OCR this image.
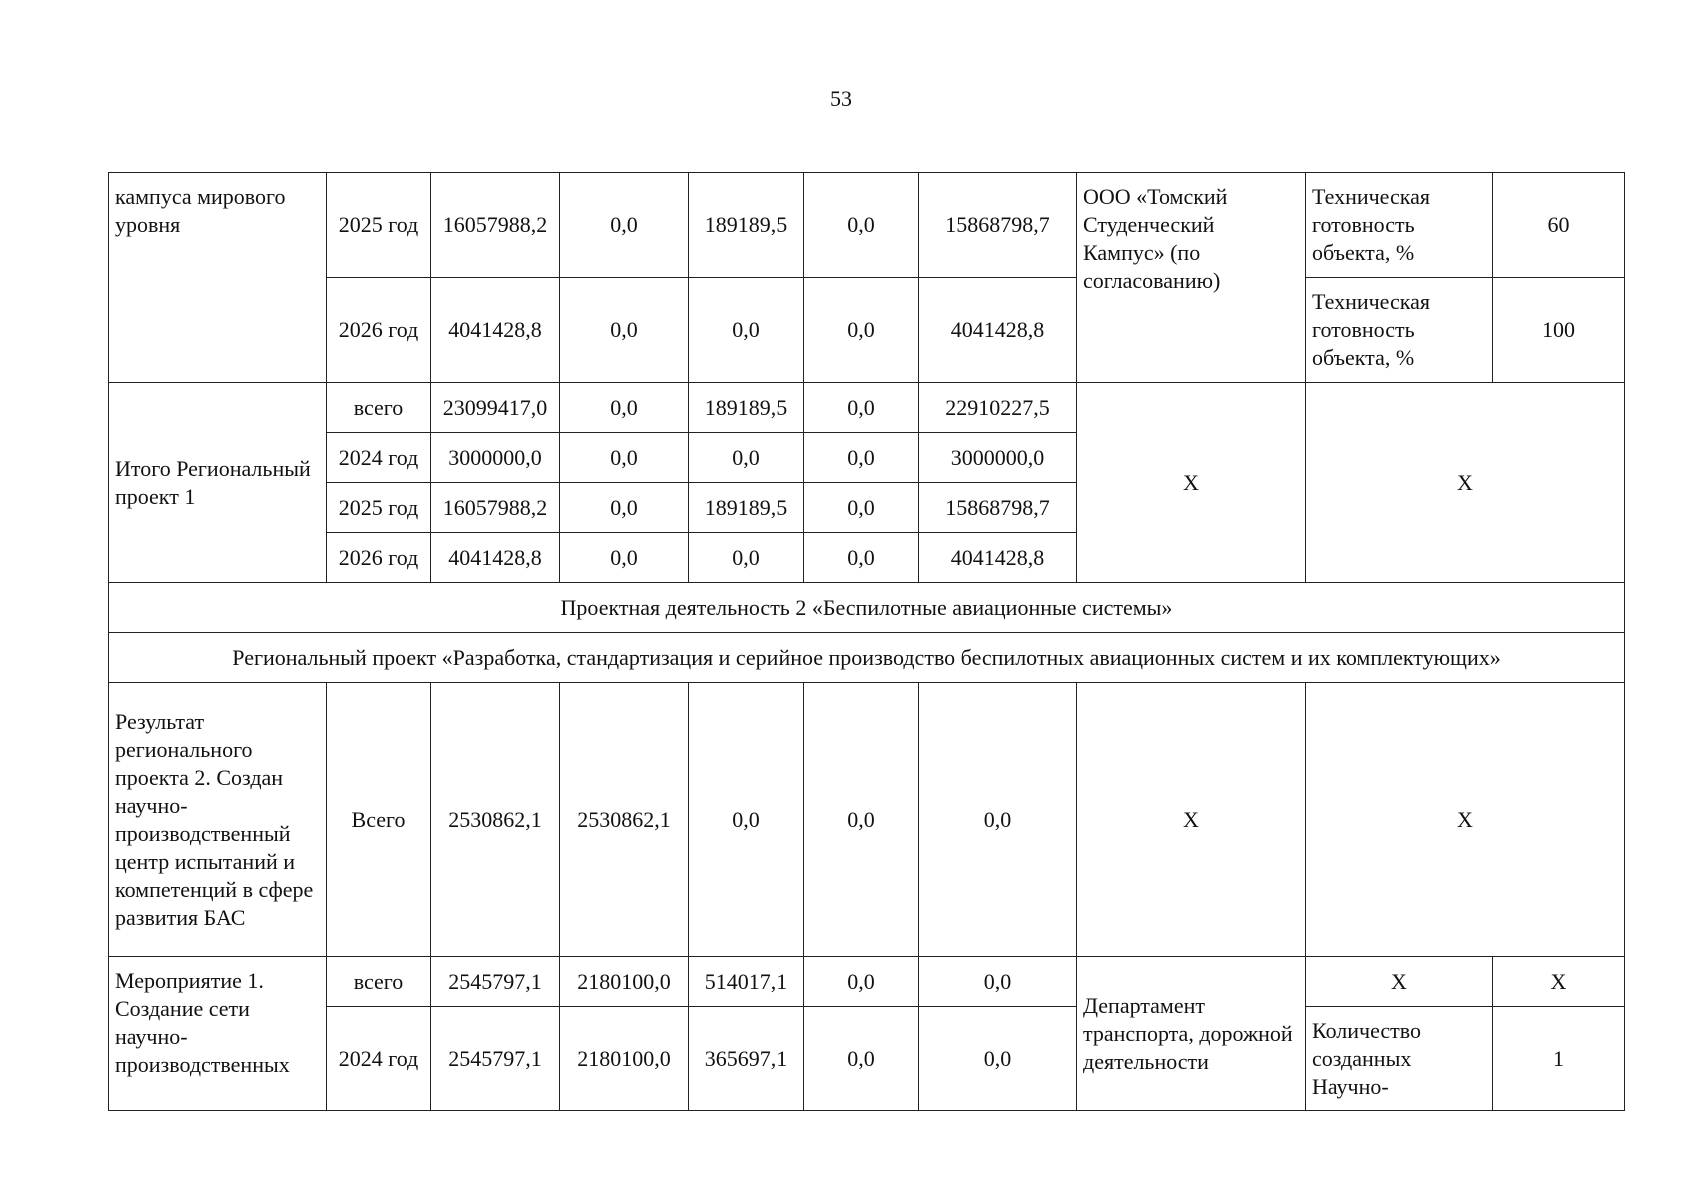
53
кампуса мирового уровня	2025 год	16057988,2	0,0	189189,5	0,0	15868798,7	ООО «Томский Студенческий Кампус» (по согласованию)	Техническая готовность объекта, %	60
	2026 год	4041428,8	0,0	0,0	0,0	4041428,8		Техническая готовность объекта, %	100
Итого Региональный проект 1	всего	23099417,0	0,0	189189,5	0,0	22910227,5	Х	Х	
	2024 год	3000000,0	0,0	0,0	0,0	3000000,0			
	2025 год	16057988,2	0,0	189189,5	0,0	15868798,7			
	2026 год	4041428,8	0,0	0,0	0,0	4041428,8			
Проектная деятельность 2 «Беспилотные авиационные системы»									
Региональный проект «Разработка, стандартизация и серийное производство беспилотных авиационных систем и их комплектующих»									
Результат регионального проекта 2. Создан научно-производственный центр испытаний и компетенций в сфере развития БАС	Всего	2530862,1	2530862,1	0,0	0,0	0,0	Х	Х	
Мероприятие 1. Создание сети научно-производственных	всего	2545797,1	2180100,0	514017,1	0,0	0,0	Департамент транспорта, дорожной деятельности	Х	Х
	2024 год	2545797,1	2180100,0	365697,1	0,0	0,0		Количество созданных Научно-	1
